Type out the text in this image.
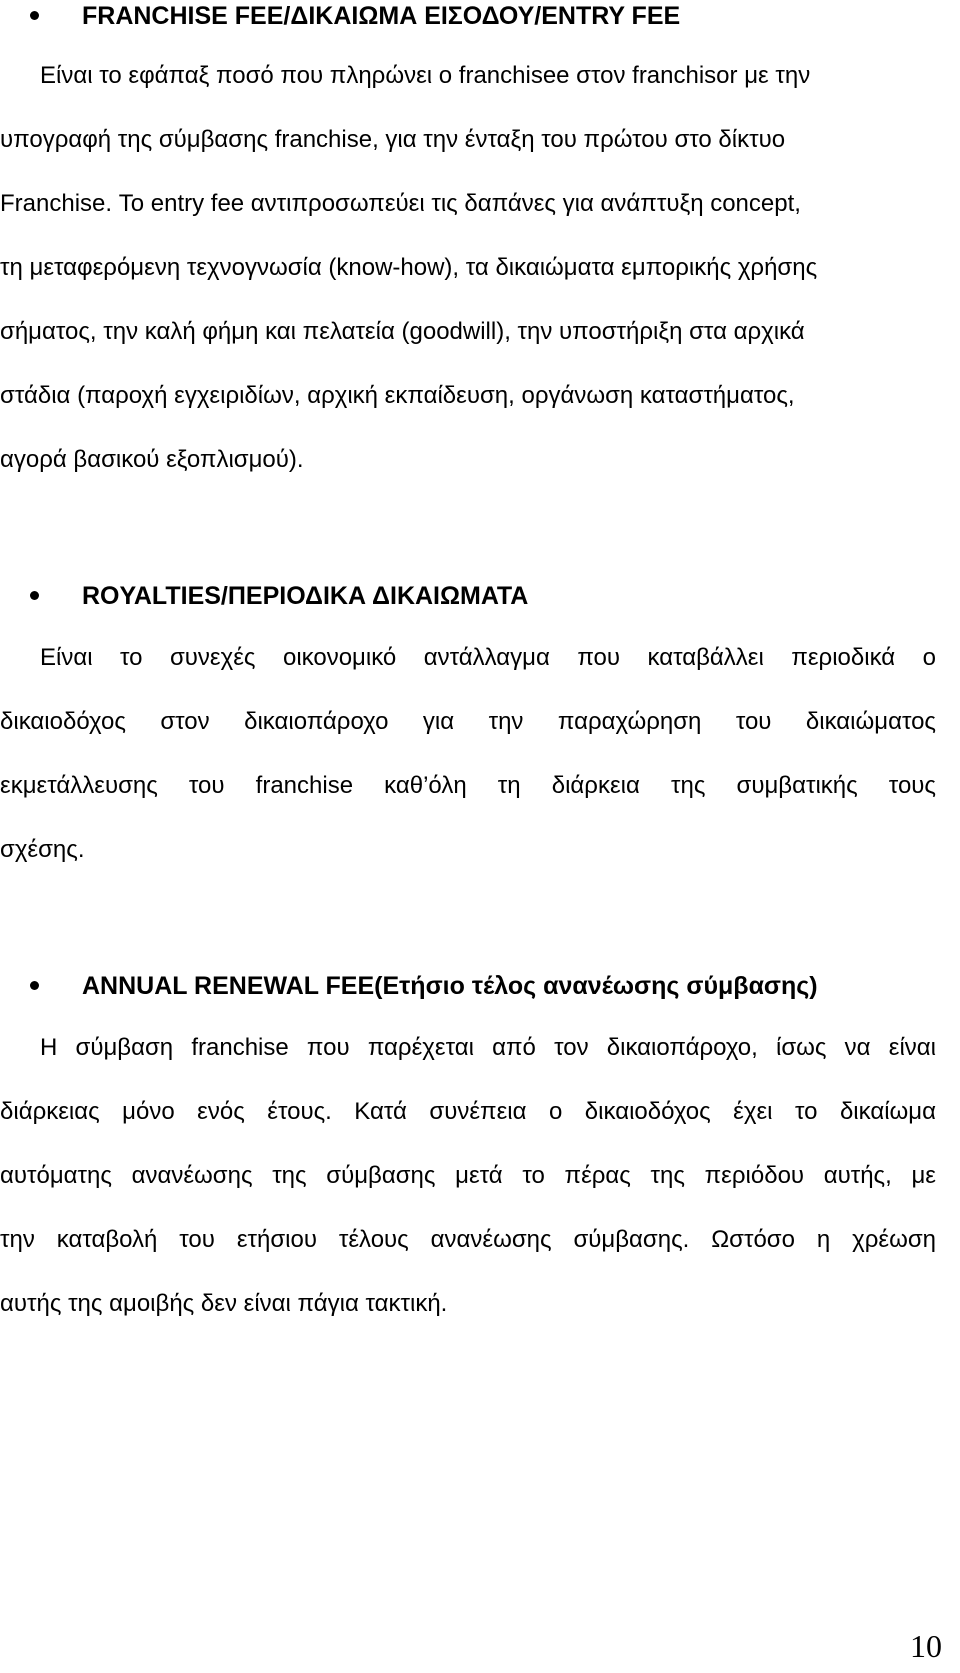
FRANCHISE FEE/ΔΙΚΑΙΩΜΑ ΕΙΣΟΔΟΥ/ENTRY FEE
Είναι το εφάπαξ ποσό που πληρώνει ο franchisee στον franchisor με την
υπογραφή της σύμβασης franchise, για την ένταξη του πρώτου στο δίκτυο
Franchise. Το entry fee αντιπροσωπεύει τις δαπάνες για ανάπτυξη concept,
τη μεταφερόμενη τεχνογνωσία (know-how), τα δικαιώματα εμπορικής χρήσης
σήματος, την καλή φήμη και πελατεία (goodwill), την υποστήριξη στα αρχικά
στάδια (παροχή εγχειριδίων, αρχική εκπαίδευση, οργάνωση καταστήματος,
αγορά βασικού εξοπλισμού).
ROYALTIES/ΠΕΡΙΟΔΙΚΑ ΔΙΚΑΙΩΜΑΤΑ
Είναι το συνεχές οικονομικό αντάλλαγμα που καταβάλλει περιοδικά ο
δικαιοδόχος στον δικαιοπάροχο για την παραχώρηση του δικαιώματος
εκμετάλλευσης του franchise καθ’όλη τη διάρκεια της συμβατικής τους
σχέσης.
ANNUAL RENEWAL FEE(Ετήσιο τέλος ανανέωσης σύμβασης)
Η σύμβαση franchise που παρέχεται από τον δικαιοπάροχο, ίσως να είναι
διάρκειας μόνο ενός έτους. Κατά συνέπεια ο δικαιοδόχος έχει το δικαίωμα
αυτόματης ανανέωσης της σύμβασης μετά το πέρας της περιόδου αυτής, με
την καταβολή του ετήσιου τέλους ανανέωσης σύμβασης. Ωστόσο η χρέωση
αυτής της αμοιβής δεν είναι πάγια τακτική.
10
